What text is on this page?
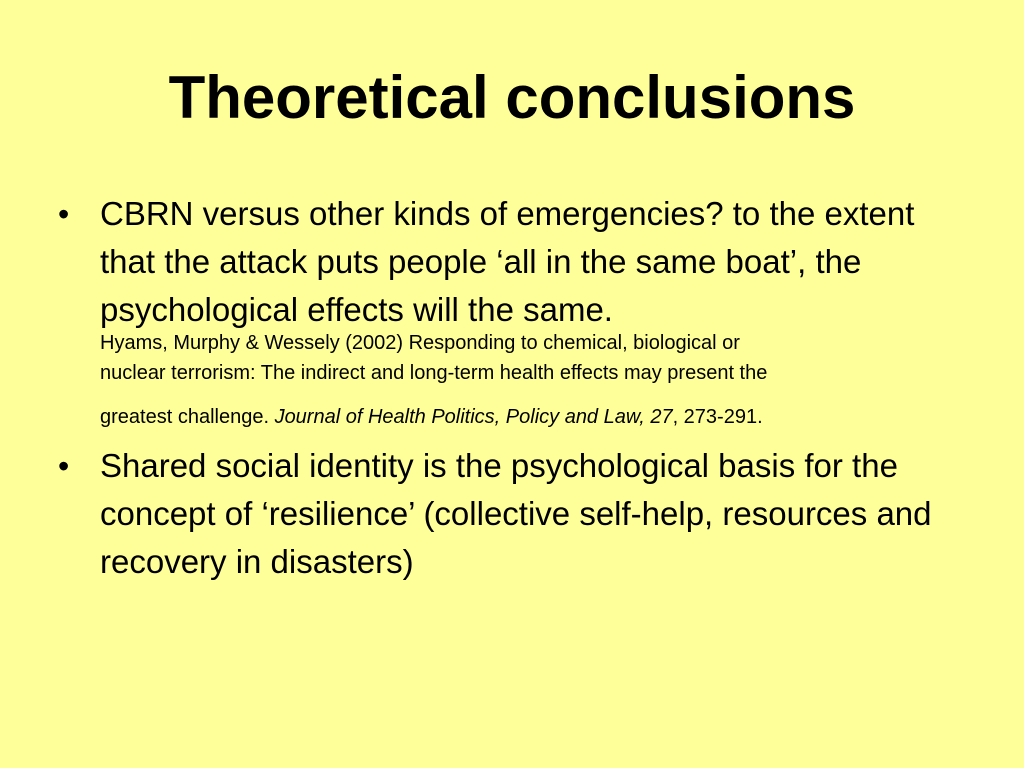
Theoretical conclusions
• CBRN versus other kinds of emergencies? to the extent that the attack puts people ‘all in the same boat’, the psychological effects will the same.
Hyams, Murphy & Wessely (2002) Responding to chemical, biological or
nuclear terrorism: The indirect and long-term health effects may present the
greatest challenge. Journal of Health Politics, Policy and Law, 27, 273-291.
• Shared social identity is the psychological basis for the concept of ‘resilience’ (collective self-help, resources and recovery in disasters)
